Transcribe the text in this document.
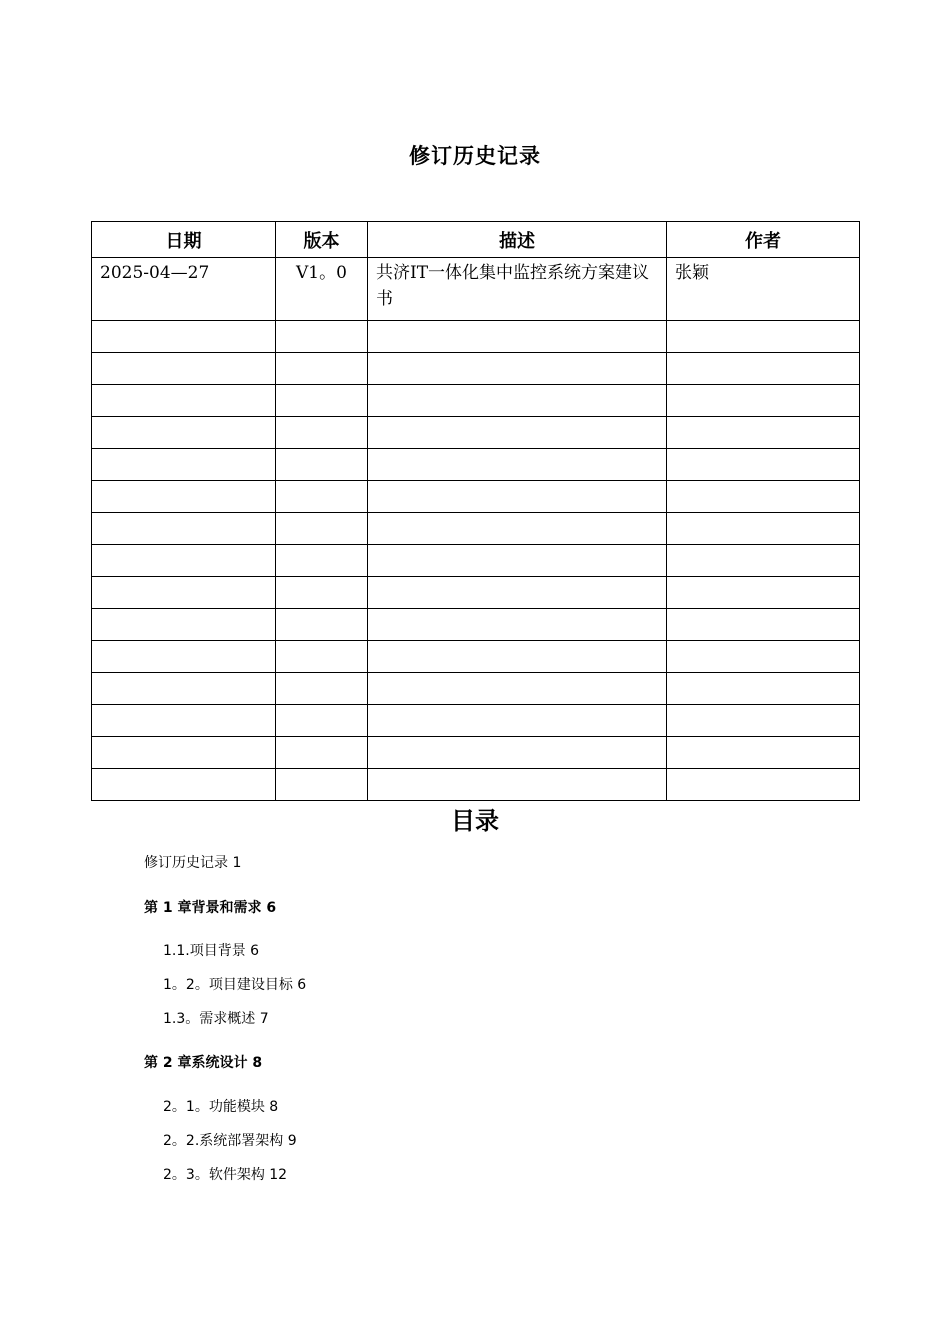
修订历史记录
日期	版本	描述	作者
2025-04—27	V1。0	共济IT一体化集中监控系统方案建议书	张颖

目录
修订历史记录 1
第 1 章背景和需求 6
1.1.项目背景 6
1。2。项目建设目标 6
1.3。需求概述 7
第 2 章系统设计 8
2。1。功能模块 8
2。2.系统部署架构 9
2。3。软件架构 12
